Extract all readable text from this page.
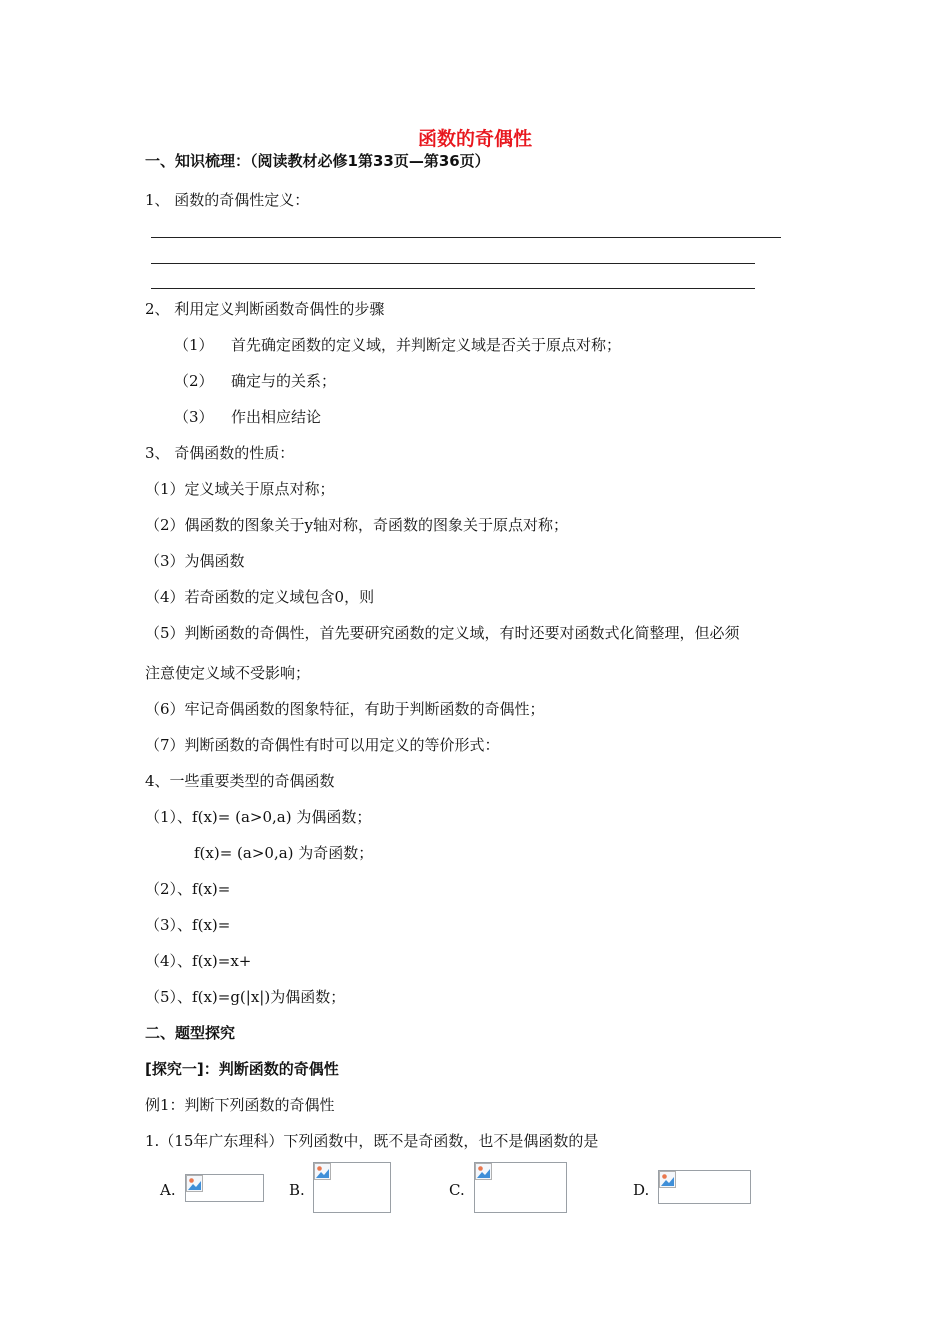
函数的奇偶性
一、知识梳理：（阅读教材必修1第33页—第36页）
1、 函数的奇偶性定义：
2、 利用定义判断函数奇偶性的步骤
（1） 首先确定函数的定义域，并判断定义域是否关于原点对称；
（2） 确定与的关系；
（3） 作出相应结论
3、 奇偶函数的性质：
（1）定义域关于原点对称；
（2）偶函数的图象关于y轴对称，奇函数的图象关于原点对称；
（3）为偶函数
（4）若奇函数的定义域包含0，则
（5）判断函数的奇偶性，首先要研究函数的定义域，有时还要对函数式化简整理，但必须
注意使定义域不受影响；
（6）牢记奇偶函数的图象特征，有助于判断函数的奇偶性；
（7）判断函数的奇偶性有时可以用定义的等价形式：
4、一些重要类型的奇偶函数
（1）、f(x)= (a>0,a) 为偶函数；
f(x)= (a>0,a) 为奇函数；
（2）、f(x)=
（3）、f(x)=
（4）、f(x)=x+
（5）、f(x)=g(|x|)为偶函数；
二、题型探究
[探究一]：判断函数的奇偶性
例1：判断下列函数的奇偶性
1.（15年广东理科）下列函数中，既不是奇函数，也不是偶函数的是
A.	B.	C.	D.
